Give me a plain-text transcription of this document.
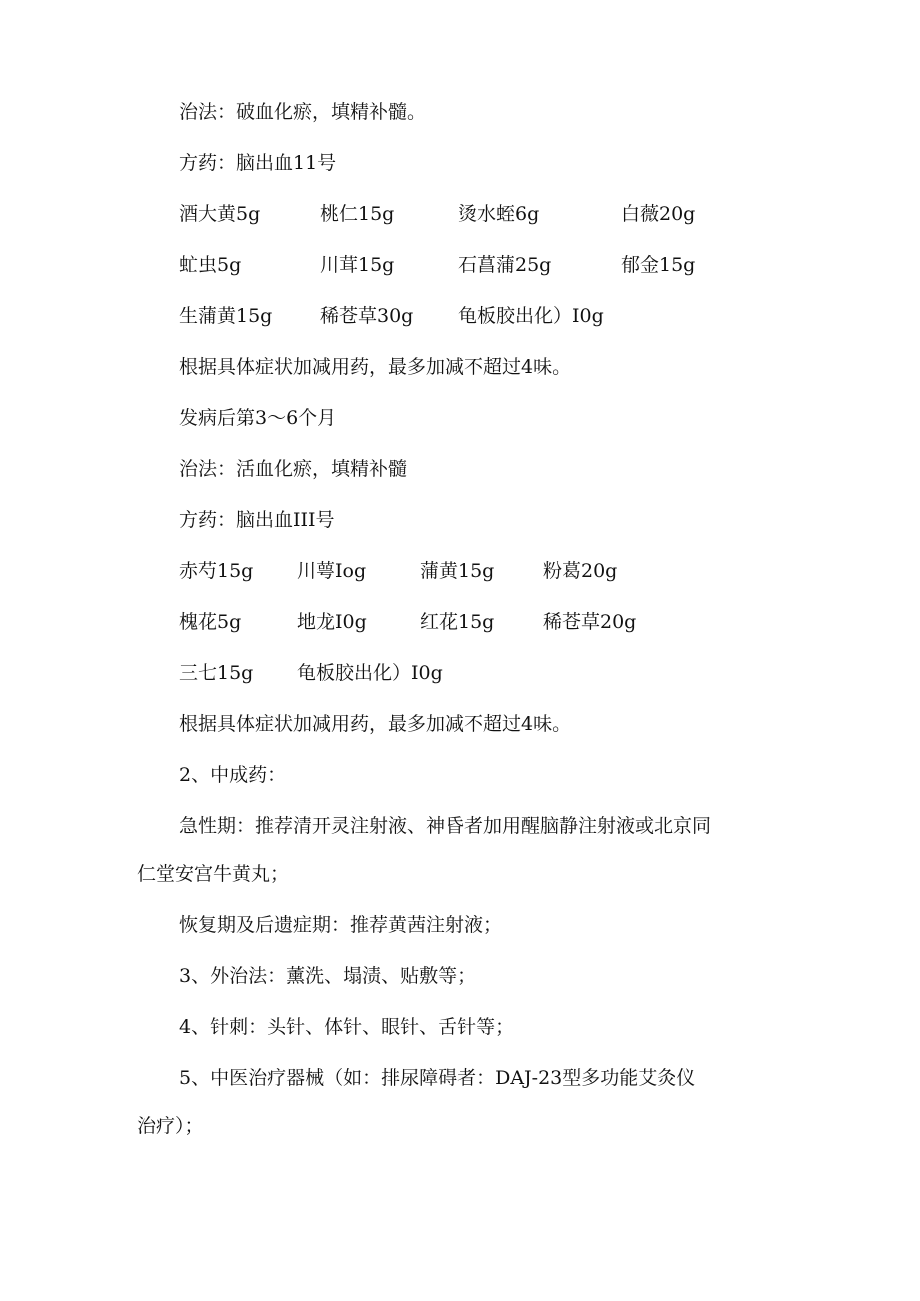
治法：破血化瘀，填精补髓。
方药：脑出血11号
酒大黄5g	桃仁15g	烫水蛭6g	白薇20g
虻虫5g	川茸15g	石菖蒲25g	郁金15g
生蒲黄15g	稀苍草30g 龟板胶出化）I0g
根据具体症状加减用药，最多加减不超过4味。
发病后第3～6个月
治法：活血化瘀，填精补髓
方药：脑出血III号
赤芍15g 川萼Iog	蒲黄15g	粉葛20g
槐花5g	地龙I0g	红花15g	稀苍草20g
三七15g 龟板胶出化）I0g
根据具体症状加减用药，最多加减不超过4味。
2、中成药：
急性期：推荐清开灵注射液、神昏者加用醒脑静注射液或北京同
仁堂安宫牛黄丸；
恢复期及后遗症期：推荐黄茜注射液；
3、外治法：薰洗、塌渍、贴敷等；
4、针刺：头针、体针、眼针、舌针等；
5、中医治疗器械（如：排尿障碍者：DAJ-23型多功能艾灸仪
治疗）；
